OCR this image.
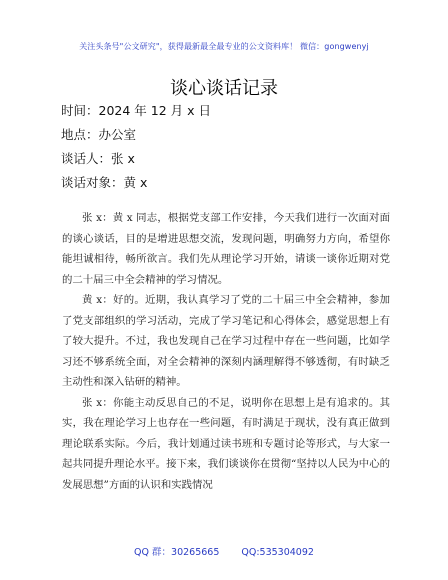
关注头条号"公文研究"，获得最新最全最专业的公文资料库！ 微信：gongwenyj
谈心谈话记录
时间：2024 年 12 月 x 日
地点：办公室
谈话人：张 x
谈话对象：黄 x

张 x：黄 x 同志，根据党支部工作安排，今天我们进行一次面对面的谈心谈话，目的是增进思想交流，发现问题，明确努力方向，希望你能坦诚相待，畅所欲言。我们先从理论学习开始，请谈一谈你近期对党的二十届三中全会精神的学习情况。

黄 x：好的。近期，我认真学习了党的二十届三中全会精神，参加了党支部组织的学习活动，完成了学习笔记和心得体会，感觉思想上有了较大提升。不过，我也发现自己在学习过程中存在一些问题，比如学习还不够系统全面，对全会精神的深刻内涵理解得不够透彻，有时缺乏主动性和深入钻研的精神。

张 x：你能主动反思自己的不足，说明你在思想上是有追求的。其实，我在理论学习上也存在一些问题，有时满足于现状，没有真正做到理论联系实际。今后，我计划通过读书班和专题讨论等形式，与大家一起共同提升理论水平。接下来，我们谈谈你在贯彻“坚持以人民为中心的发展思想”方面的认识和实践情况

QQ 群：30265665 QQ:535304092
